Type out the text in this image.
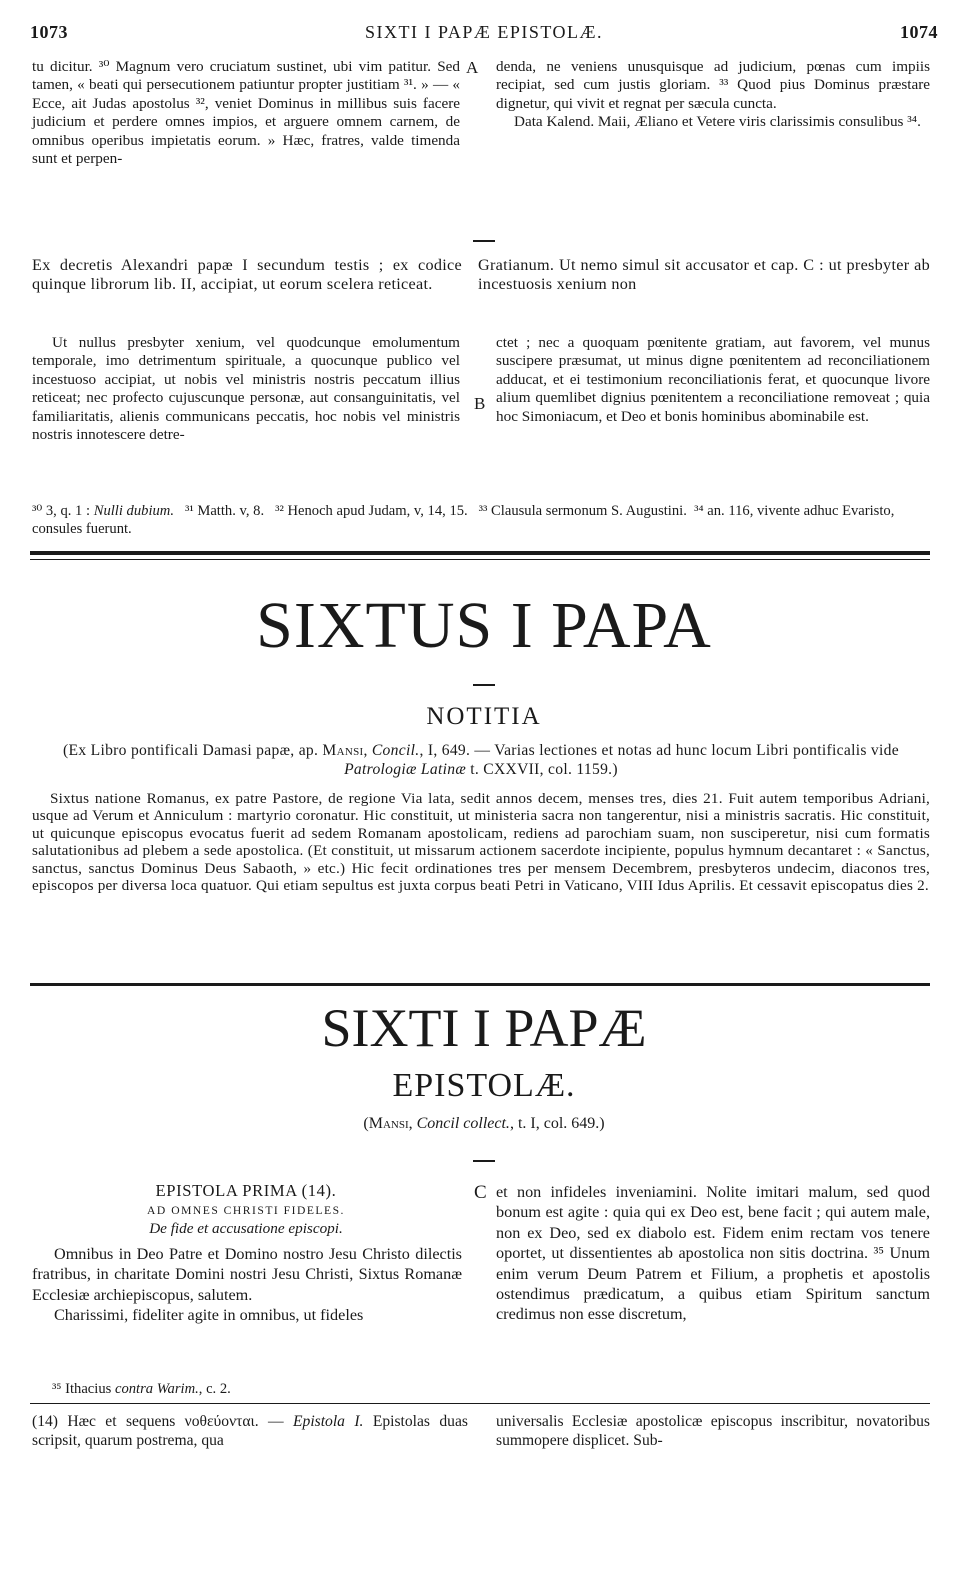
1073	SIXTI I PAPÆ EPISTOLÆ.	1074

tu dicitur. ³⁰ Magnum vero cruciatum sustinet, ubi vim patitur. Sed tamen, « beati qui persecutionem patiuntur propter justitiam ³¹. » — « Ecce, ait Judas apostolus ³², veniet Dominus in millibus suis facere judicium et perdere omnes impios, et arguere omnem carnem, de omnibus operibus impietatis eorum. » Hæc, fratres, valde timenda sunt et perpen-

A denda, ne veniens unusquisque ad judicium, pœnas cum impiis recipiat, sed cum justis gloriam. ³³ Quod pius Dominus præstare dignetur, qui vivit et regnat per sæcula cuncta.

Data Kalend. Maii, Æliano et Vetere viris clarissimis consulibus ³⁴.

Ex decretis Alexandri papæ I secundum testis ; ex codice quinque librorum lib. II, accipiat, ut eorum scelera reticeat.
Gratianum. Ut nemo simul sit accusator et cap. C : ut presbyter ab incestuosis xenium non

Ut nullus presbyter xenium, vel quodcunque emolumentum temporale, imo detrimentum spirituale, a quocunque publico vel incestuoso accipiat, ut nobis vel ministris nostris peccatum illius reticeat; nec profecto cujuscunque personæ, aut consanguinitatis, vel familiaritatis, alienis communicans peccatis, hoc nobis vel ministris nostris innotescere detre-

B

ctet ; nec a quoquam pœnitente gratiam, aut favorem, vel munus suscipere præsumat, ut minus digne pœnitentem ad reconciliationem adducat, et ei testimonium reconciliationis ferat, et quocunque livore alium quemlibet dignius pœnitentem a reconciliatione removeat ; quia hoc Simoniacum, et Deo et bonis hominibus abominabile est.

³⁰ 3, q. 1 : Nulli dubium. ³¹ Matth. v, 8. ³² Henoch apud Judam, v, 14, 15. ³³ Clausula sermonum S. Augustini. ³⁴ an. 116, vivente adhuc Evaristo, consules fuerunt.
SIXTUS I PAPA
NOTITIA
(Ex Libro pontificali Damasi papæ, ap. Mansi, Concil., I, 649. — Varias lectiones et notas ad hunc locum Libri pontificalis vide Patrologiæ Latinæ t. CXXVII, col. 1159.)
Sixtus natione Romanus, ex patre Pastore, de regione Via lata, sedit annos decem, menses tres, dies 21. Fuit autem temporibus Adriani, usque ad Verum et Anniculum : martyrio coronatur. Hic constituit, ut ministeria sacra non tangerentur, nisi a ministris sacratis. Hic constituit, ut quicunque episcopus evocatus fuerit ad sedem Romanam apostolicam, rediens ad parochiam suam, non susciperetur, nisi cum formatis salutationibus ad plebem a sede apostolica. (Et constituit, ut missarum actionem sacerdote incipiente, populus hymnum decantaret : « Sanctus, sanctus, sanctus Dominus Deus Sabaoth, » etc.) Hic fecit ordinationes tres per mensem Decembrem, presbyteros undecim, diaconos tres, episcopos per diversa loca quatuor. Qui etiam sepultus est juxta corpus beati Petri in Vaticano, VIII Idus Aprilis. Et cessavit episcopatus dies 2.
SIXTI I PAPÆ
EPISTOLÆ.
(Mansi, Concil collect., t. I, col. 649.)
EPISTOLA PRIMA (14).
AD OMNES CHRISTI FIDELES.
De fide et accusatione episcopi.

Omnibus in Deo Patre et Domino nostro Jesu Christo dilectis fratribus, in charitate Domini nostri Jesu Christi, Sixtus Romanæ Ecclesiæ archiepiscopus, salutem.

Charissimi, fideliter agite in omnibus, ut fideles

³⁵ Ithacius contra Warim., c. 2.
C et non infideles inveniamini. Nolite imitari malum, sed quod bonum est agite : quia qui ex Deo est, bene facit ; qui autem male, non ex Deo, sed ex diabolo est. Fidem enim rectam vos tenere oportet, ut dissentientes ab apostolica non sitis doctrina. ³⁵ Unum enim verum Deum Patrem et Filium, a prophetis et apostolis ostendimus prædicatum, a quibus etiam Spiritum sanctum credimus non esse discretum,
(14) Hæc et sequens νοθεύονται. — Epistola I. Epistolas duas scripsit, quarum postrema, qua
universalis Ecclesiæ apostolicæ episcopus inscribitur, novatoribus summopere displicet. Sub-
